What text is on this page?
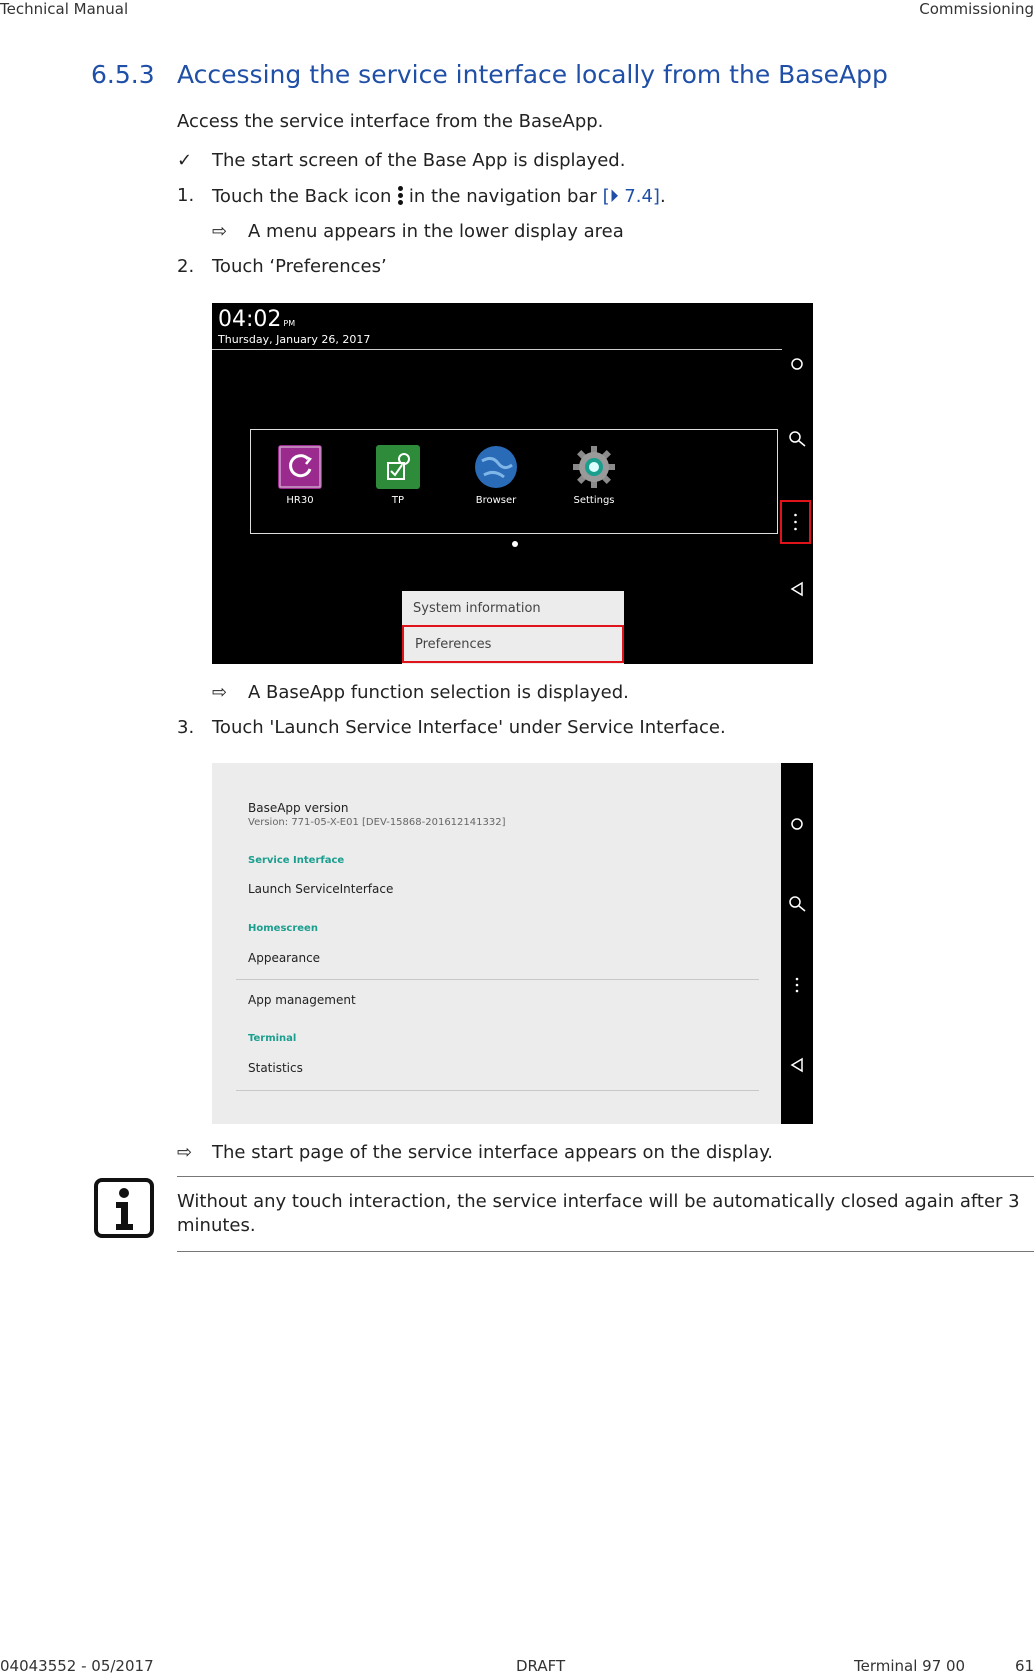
Technical Manual	Commissioning
6.5.3 Accessing the service interface locally from the BaseApp
Access the service interface from the BaseApp.
✓ The start screen of the Base App is displayed.
1. Touch the Back icon
in the navigation bar [⏵ 7.4].
⇨ A menu appears in the lower display area
2. Touch ‘Preferences’
04:02 PM
Thursday, January 26, 2017
HR30	TP	Browser	Settings
System information
Preferences
⇨ A BaseApp function selection is displayed.
3. Touch 'Launch Service Interface' under Service Interface.
BaseApp version
Version: 771-05-X-E01 [DEV-15868-201612141332]
Service Interface
Launch ServiceInterface
Homescreen
Appearance
App management
Terminal
Statistics
⇨ The start page of the service interface appears on the display.
Without any touch interaction, the service interface will be automatically closed again after 3
minutes.
04043552 - 05/2017	DRAFT	Terminal 97 00	61
